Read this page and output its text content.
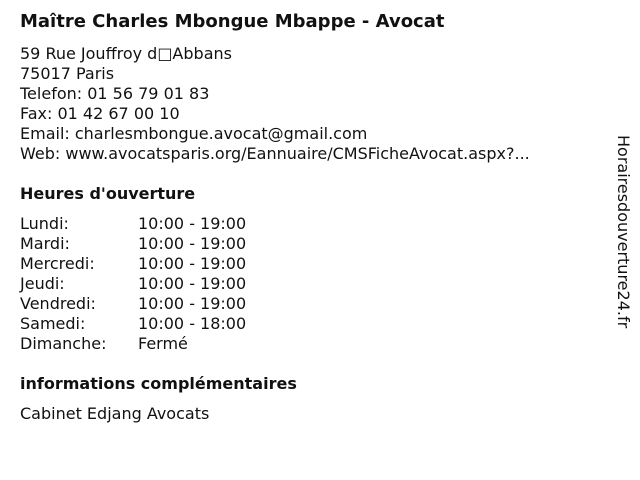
Maître Charles Mbongue Mbappe - Avocat
59 Rue Jouffroy d□Abbans
75017 Paris
Telefon: 01 56 79 01 83
Fax: 01 42 67 00 10
Email: charlesmbongue.avocat@gmail.com
Web: www.avocatsparis.org/Eannuaire/CMSFicheAvocat.aspx?...
Heures d'ouverture
Lundi:	10:00 - 19:00
Mardi:	10:00 - 19:00
Mercredi:	10:00 - 19:00
Jeudi:	10:00 - 19:00
Vendredi:	10:00 - 19:00
Samedi:	10:00 - 18:00
Dimanche: Fermé
informations complémentaires
Cabinet Edjang Avocats
Horairesdouverture24.fr
